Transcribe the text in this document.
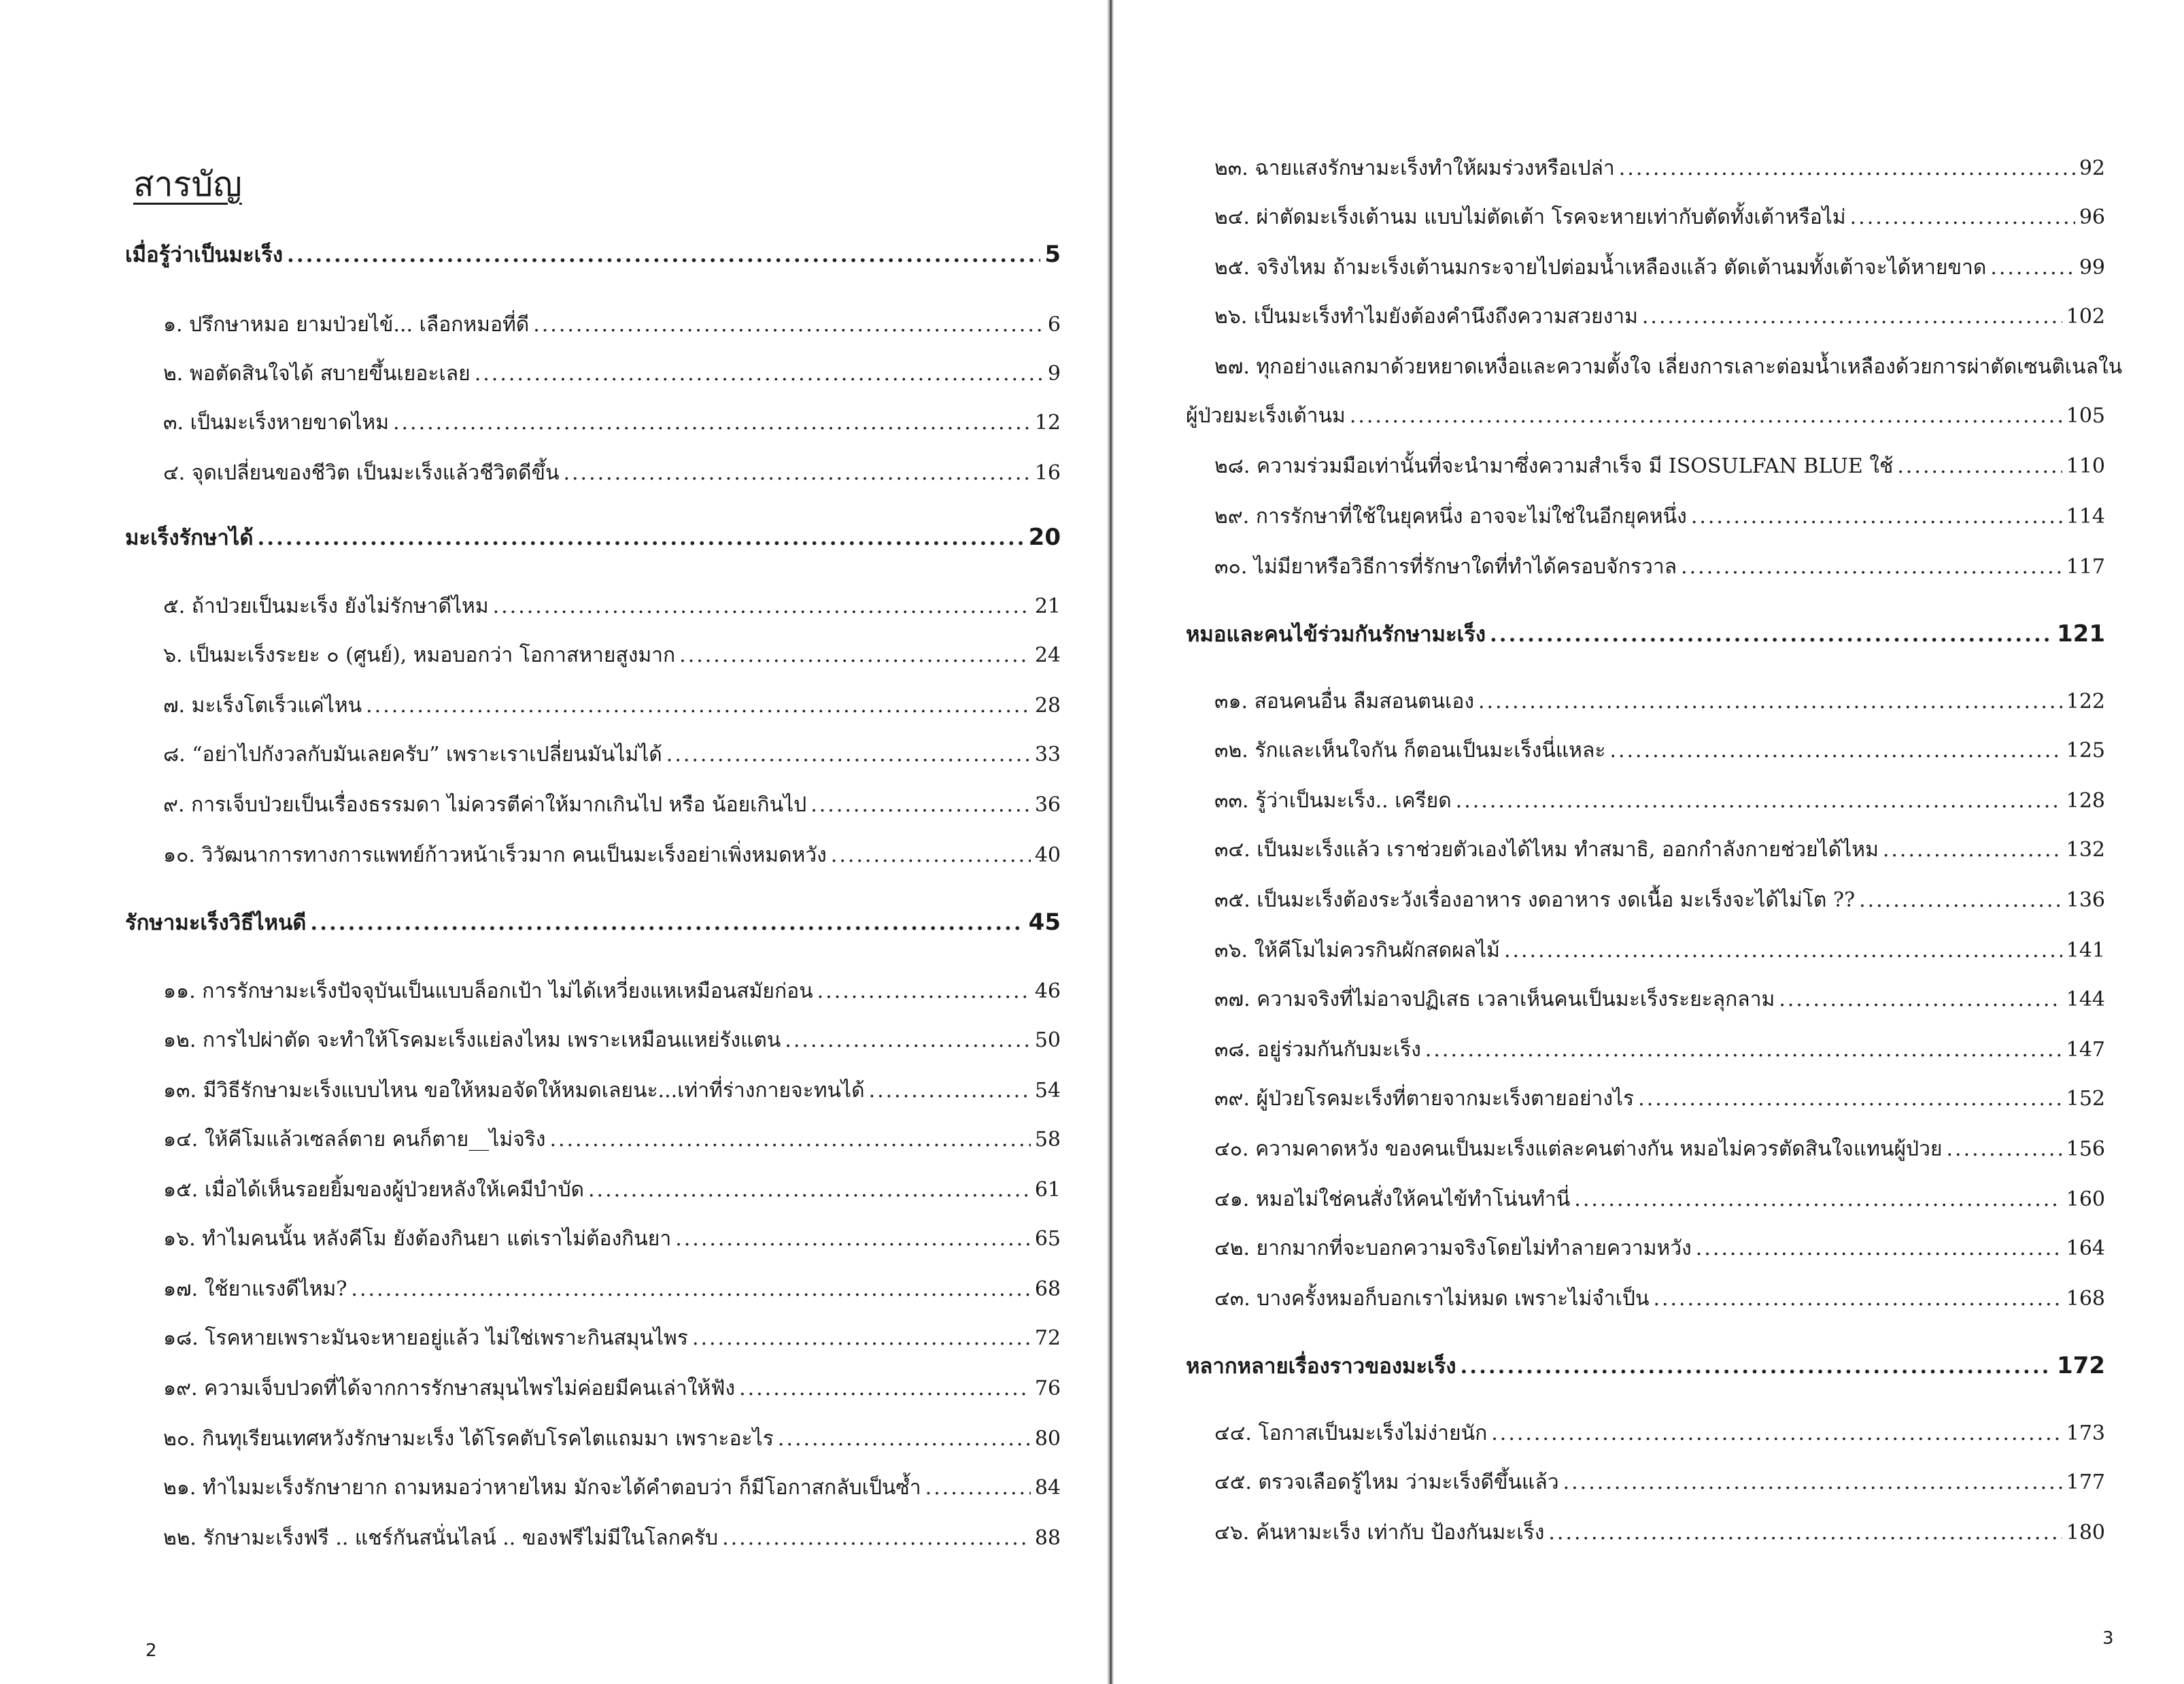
สารบัญ
เมื่อรู้ว่าเป็นมะเร็ง .....	5
๑. ปรึกษาหมอ ยามป่วยไข้... เลือกหมอที่ดี .....	6
๒. พอตัดสินใจได้ สบายขึ้นเยอะเลย .....	9
๓. เป็นมะเร็งหายขาดไหม .....	12
๔. จุดเปลี่ยนของชีวิต เป็นมะเร็งแล้วชีวิตดีขึ้น .....	16
มะเร็งรักษาได้ .....	20
๕. ถ้าป่วยเป็นมะเร็ง ยังไม่รักษาดีไหม .....	21
๖. เป็นมะเร็งระยะ ๐ (ศูนย์), หมอบอกว่า โอกาสหายสูงมาก .....	24
๗. มะเร็งโตเร็วแค่ไหน .....	28
๘. “อย่าไปกังวลกับมันเลยครับ” เพราะเราเปลี่ยนมันไม่ได้ .....	33
๙. การเจ็บป่วยเป็นเรื่องธรรมดา ไม่ควรตีค่าให้มากเกินไป หรือ น้อยเกินไป .....	36
๑๐. วิวัฒนาการทางการแพทย์ก้าวหน้าเร็วมาก คนเป็นมะเร็งอย่าเพิ่งหมดหวัง .....	40
รักษามะเร็งวิธีไหนดี .....	45
๑๑. การรักษามะเร็งปัจจุบันเป็นแบบล็อกเป้า ไม่ได้เหวี่ยงแหเหมือนสมัยก่อน .....	46
๑๒. การไปผ่าตัด จะทำให้โรคมะเร็งแย่ลงไหม เพราะเหมือนแหย่รังแตน .....	50
๑๓. มีวิธีรักษามะเร็งแบบไหน ขอให้หมอจัดให้หมดเลยนะ...เท่าที่ร่างกายจะทนได้ .....	54
๑๔. ให้คีโมแล้วเซลล์ตาย คนก็ตาย__ไม่จริง .....	58
๑๕. เมื่อได้เห็นรอยยิ้มของผู้ป่วยหลังให้เคมีบำบัด .....	61
๑๖. ทำไมคนนั้น หลังคีโม ยังต้องกินยา แต่เราไม่ต้องกินยา .....	65
๑๗. ใช้ยาแรงดีไหม? .....	68
๑๘. โรคหายเพราะมันจะหายอยู่แล้ว ไม่ใช่เพราะกินสมุนไพร .....	72
๑๙. ความเจ็บปวดที่ได้จากการรักษาสมุนไพรไม่ค่อยมีคนเล่าให้ฟัง .....	76
๒๐. กินทุเรียนเทศหวังรักษามะเร็ง ได้โรคตับโรคไตแถมมา เพราะอะไร .....	80
๒๑. ทำไมมะเร็งรักษายาก ถามหมอว่าหายไหม มักจะได้คำตอบว่า ก็มีโอกาสกลับเป็นซ้ำ .....	84
๒๒. รักษามะเร็งฟรี .. แชร์กันสนั่นไลน์ .. ของฟรีไม่มีในโลกครับ .....	88
2
๒๓. ฉายแสงรักษามะเร็งทำให้ผมร่วงหรือเปล่า .....	92
๒๔. ผ่าตัดมะเร็งเต้านม แบบไม่ตัดเต้า โรคจะหายเท่ากับตัดทั้งเต้าหรือไม่ .....	96
๒๕. จริงไหม ถ้ามะเร็งเต้านมกระจายไปต่อมน้ำเหลืองแล้ว ตัดเต้านมทั้งเต้าจะได้หายขาด .....	99
๒๖. เป็นมะเร็งทำไมยังต้องคำนึงถึงความสวยงาม .....	102
๒๗. ทุกอย่างแลกมาด้วยหยาดเหงื่อและความตั้งใจ เลี่ยงการเลาะต่อมน้ำเหลืองด้วยการผ่าตัดเซนติเนลใน
ผู้ป่วยมะเร็งเต้านม .....	105
๒๘. ความร่วมมือเท่านั้นที่จะนำมาซึ่งความสำเร็จ มี ISOSULFAN BLUE ใช้ .....	110
๒๙. การรักษาที่ใช้ในยุคหนึ่ง อาจจะไม่ใช่ในอีกยุคหนึ่ง .....	114
๓๐. ไม่มียาหรือวิธีการที่รักษาใดที่ทำได้ครอบจักรวาล .....	117
หมอและคนไข้ร่วมกันรักษามะเร็ง .....	121
๓๑. สอนคนอื่น ลืมสอนตนเอง .....	122
๓๒. รักและเห็นใจกัน ก็ตอนเป็นมะเร็งนี่แหละ .....	125
๓๓. รู้ว่าเป็นมะเร็ง.. เครียด .....	128
๓๔. เป็นมะเร็งแล้ว เราช่วยตัวเองได้ไหม ทำสมาธิ, ออกกำลังกายช่วยได้ไหม .....	132
๓๕. เป็นมะเร็งต้องระวังเรื่องอาหาร งดอาหาร งดเนื้อ มะเร็งจะได้ไม่โต ?? .....	136
๓๖. ให้คีโมไม่ควรกินผักสดผลไม้ .....	141
๓๗. ความจริงที่ไม่อาจปฏิเสธ เวลาเห็นคนเป็นมะเร็งระยะลุกลาม .....	144
๓๘. อยู่ร่วมกันกับมะเร็ง .....	147
๓๙. ผู้ป่วยโรคมะเร็งที่ตายจากมะเร็งตายอย่างไร .....	152
๔๐. ความคาดหวัง ของคนเป็นมะเร็งแต่ละคนต่างกัน หมอไม่ควรตัดสินใจแทนผู้ป่วย .....	156
๔๑. หมอไม่ใช่คนสั่งให้คนไข้ทำโน่นทำนี่ .....	160
๔๒. ยากมากที่จะบอกความจริงโดยไม่ทำลายความหวัง .....	164
๔๓. บางครั้งหมอก็บอกเราไม่หมด เพราะไม่จำเป็น .....	168
หลากหลายเรื่องราวของมะเร็ง .....	172
๔๔. โอกาสเป็นมะเร็งไม่ง่ายนัก .....	173
๔๕. ตรวจเลือดรู้ไหม ว่ามะเร็งดีขึ้นแล้ว .....	177
๔๖. ค้นหามะเร็ง เท่ากับ ป้องกันมะเร็ง .....	180
3
